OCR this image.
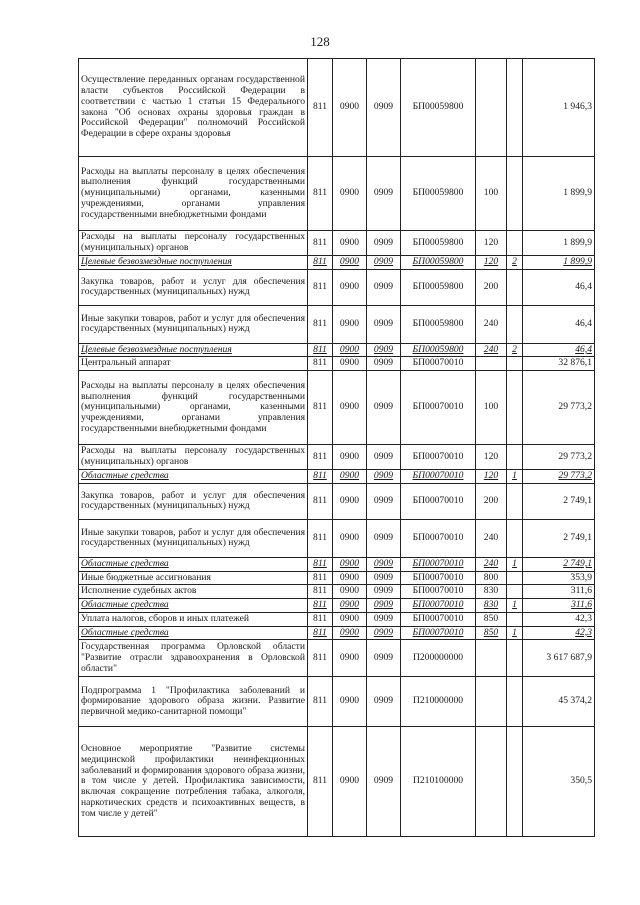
128
Осуществление переданных органам государственной власти субъектов Российской Федерации в соответствии с частью 1 статьи 15 Федерального закона "Об основах охраны здоровья граждан в Российской Федерации" полномочий Российской Федерации в сфере охраны здоровья	811	0900	0909	БП00059800			1 946,3
Расходы на выплаты персоналу в целях обеспечения выполнения функций государственными (муниципальными) органами, казенными учреждениями, органами управления государственными внебюджетными фондами	811	0900	0909	БП00059800	100		1 899,9
Расходы на выплаты персоналу государственных (муниципальных) органов	811	0900	0909	БП00059800	120		1 899,9
Целевые безвозмездные поступления	811	0900	0909	БП00059800	120	2	1 899,9
Закупка товаров, работ и услуг для обеспечения государственных (муниципальных) нужд	811	0900	0909	БП00059800	200		46,4
Иные закупки товаров, работ и услуг для обеспечения государственных (муниципальных) нужд	811	0900	0909	БП00059800	240		46,4
Целевые безвозмездные поступления	811	0900	0909	БП00059800	240	2	46,4
Центральный аппарат	811	0900	0909	БП00070010			32 876,1
Расходы на выплаты персоналу в целях обеспечения выполнения функций государственными (муниципальными) органами, казенными учреждениями, органами управления государственными внебюджетными фондами	811	0900	0909	БП00070010	100		29 773,2
Расходы на выплаты персоналу государственных (муниципальных) органов	811	0900	0909	БП00070010	120		29 773,2
Областные средства	811	0900	0909	БП00070010	120	1	29 773,2
Закупка товаров, работ и услуг для обеспечения государственных (муниципальных) нужд	811	0900	0909	БП00070010	200		2 749,1
Иные закупки товаров, работ и услуг для обеспечения государственных (муниципальных) нужд	811	0900	0909	БП00070010	240		2 749,1
Областные средства	811	0900	0909	БП00070010	240	1	2 749,1
Иные бюджетные ассигнования	811	0900	0909	БП00070010	800		353,9
Исполнение судебных актов	811	0900	0909	БП00070010	830		311,6
Областные средства	811	0900	0909	БП00070010	830	1	311,6
Уплата налогов, сборов и иных платежей	811	0900	0909	БП00070010	850		42,3
Областные средства	811	0900	0909	БП00070010	850	1	42,3
Государственная программа Орловской области "Развитие отрасли здравоохранения в Орловской области"	811	0900	0909	П200000000			3 617 687,9
Подпрограмма 1 "Профилактика заболеваний и формирование здорового образа жизни. Развитие первичной медико-санитарной помощи"	811	0900	0909	П210000000			45 374,2
Основное мероприятие "Развитие системы медицинской профилактики неинфекционных заболеваний и формирования здорового образа жизни, в том числе у детей. Профилактика зависимости, включая сокращение потребления табака, алкоголя, наркотических средств и психоактивных веществ, в том числе у детей"	811	0900	0909	П210100000			350,5
